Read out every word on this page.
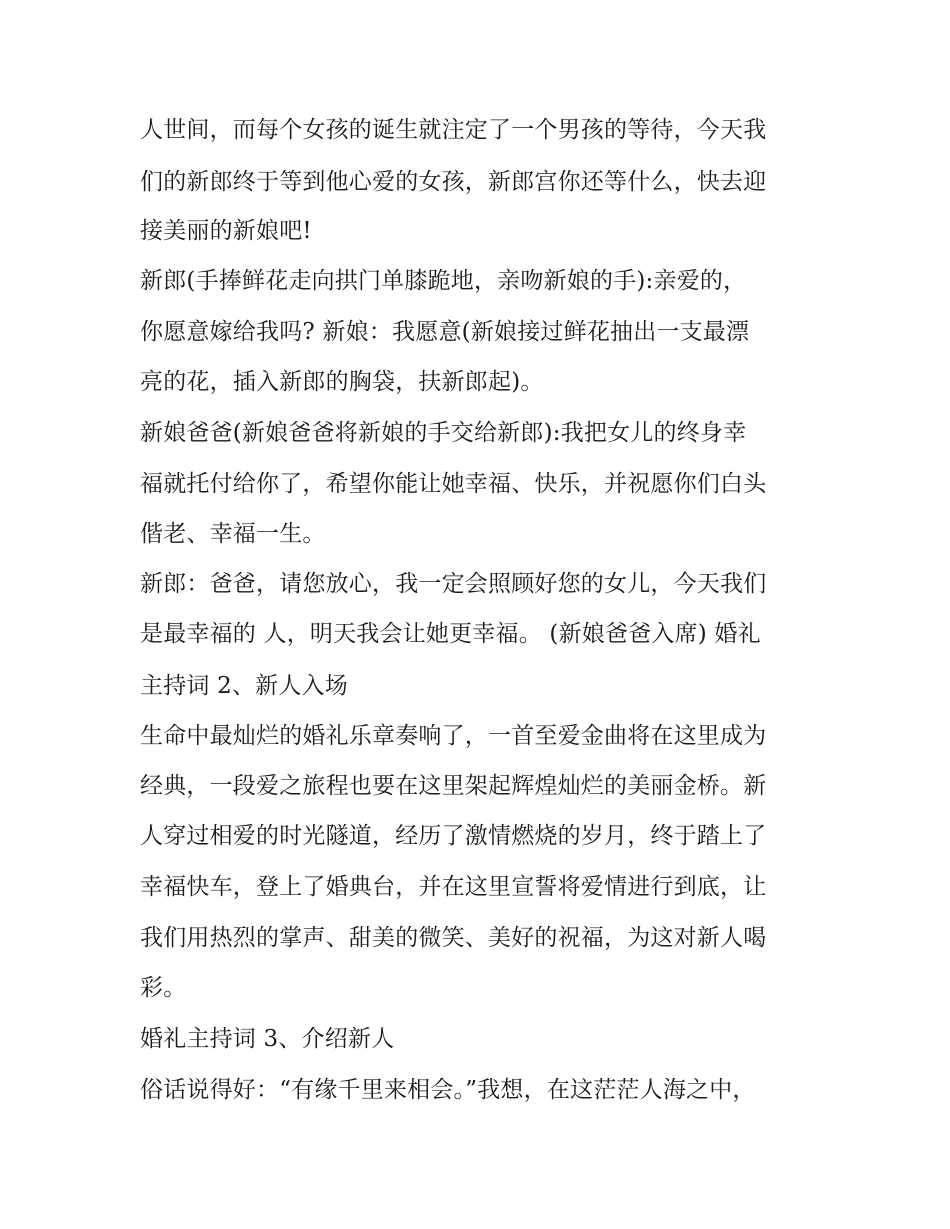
人世间，而每个女孩的诞生就注定了一个男孩的等待，今天我
们的新郎终于等到他心爱的女孩，新郎宫你还等什么，快去迎
接美丽的新娘吧!
新郎(手捧鲜花走向拱门单膝跪地，亲吻新娘的手):亲爱的，
你愿意嫁给我吗? 新娘：我愿意(新娘接过鲜花抽出一支最漂
亮的花，插入新郎的胸袋，扶新郎起)。
新娘爸爸(新娘爸爸将新娘的手交给新郎):我把女儿的终身幸
福就托付给你了，希望你能让她幸福、快乐，并祝愿你们白头
偕老、幸福一生。
新郎：爸爸，请您放心，我一定会照顾好您的女儿，今天我们
是最幸福的 人，明天我会让她更幸福。 (新娘爸爸入席) 婚礼
主持词 2、新人入场
生命中最灿烂的婚礼乐章奏响了，一首至爱金曲将在这里成为
经典，一段爱之旅程也要在这里架起辉煌灿烂的美丽金桥。新
人穿过相爱的时光隧道，经历了激情燃烧的岁月，终于踏上了
幸福快车，登上了婚典台，并在这里宣誓将爱情进行到底，让
我们用热烈的掌声、甜美的微笑、美好的祝福，为这对新人喝
彩。
婚礼主持词 3、介绍新人
俗话说得好：“有缘千里来相会。”我想，在这茫茫人海之中，
